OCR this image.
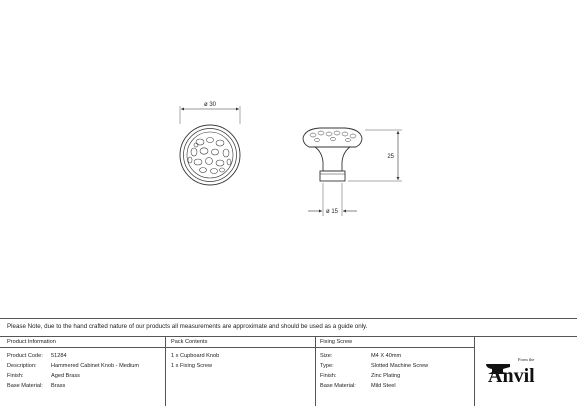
ø 30
25
ø 15
Please Note, due to the hand crafted nature of our products all measurements are approximate and should be used as a guide only.
Product Information
Product Code: 51284
Description:	Hammered Cabinet Knob - Medium
Finish:	Aged Brass
Base Material: Brass
Pack Contents
1 x Cupboard Knob
1 x Fixing Screw
Fixing Screw
Size:	M4 X 40mm
Type:	Slotted Machine Screw
Finish:	Zinc Plating
Base Material:	Mild Steel
From the
Anvil
